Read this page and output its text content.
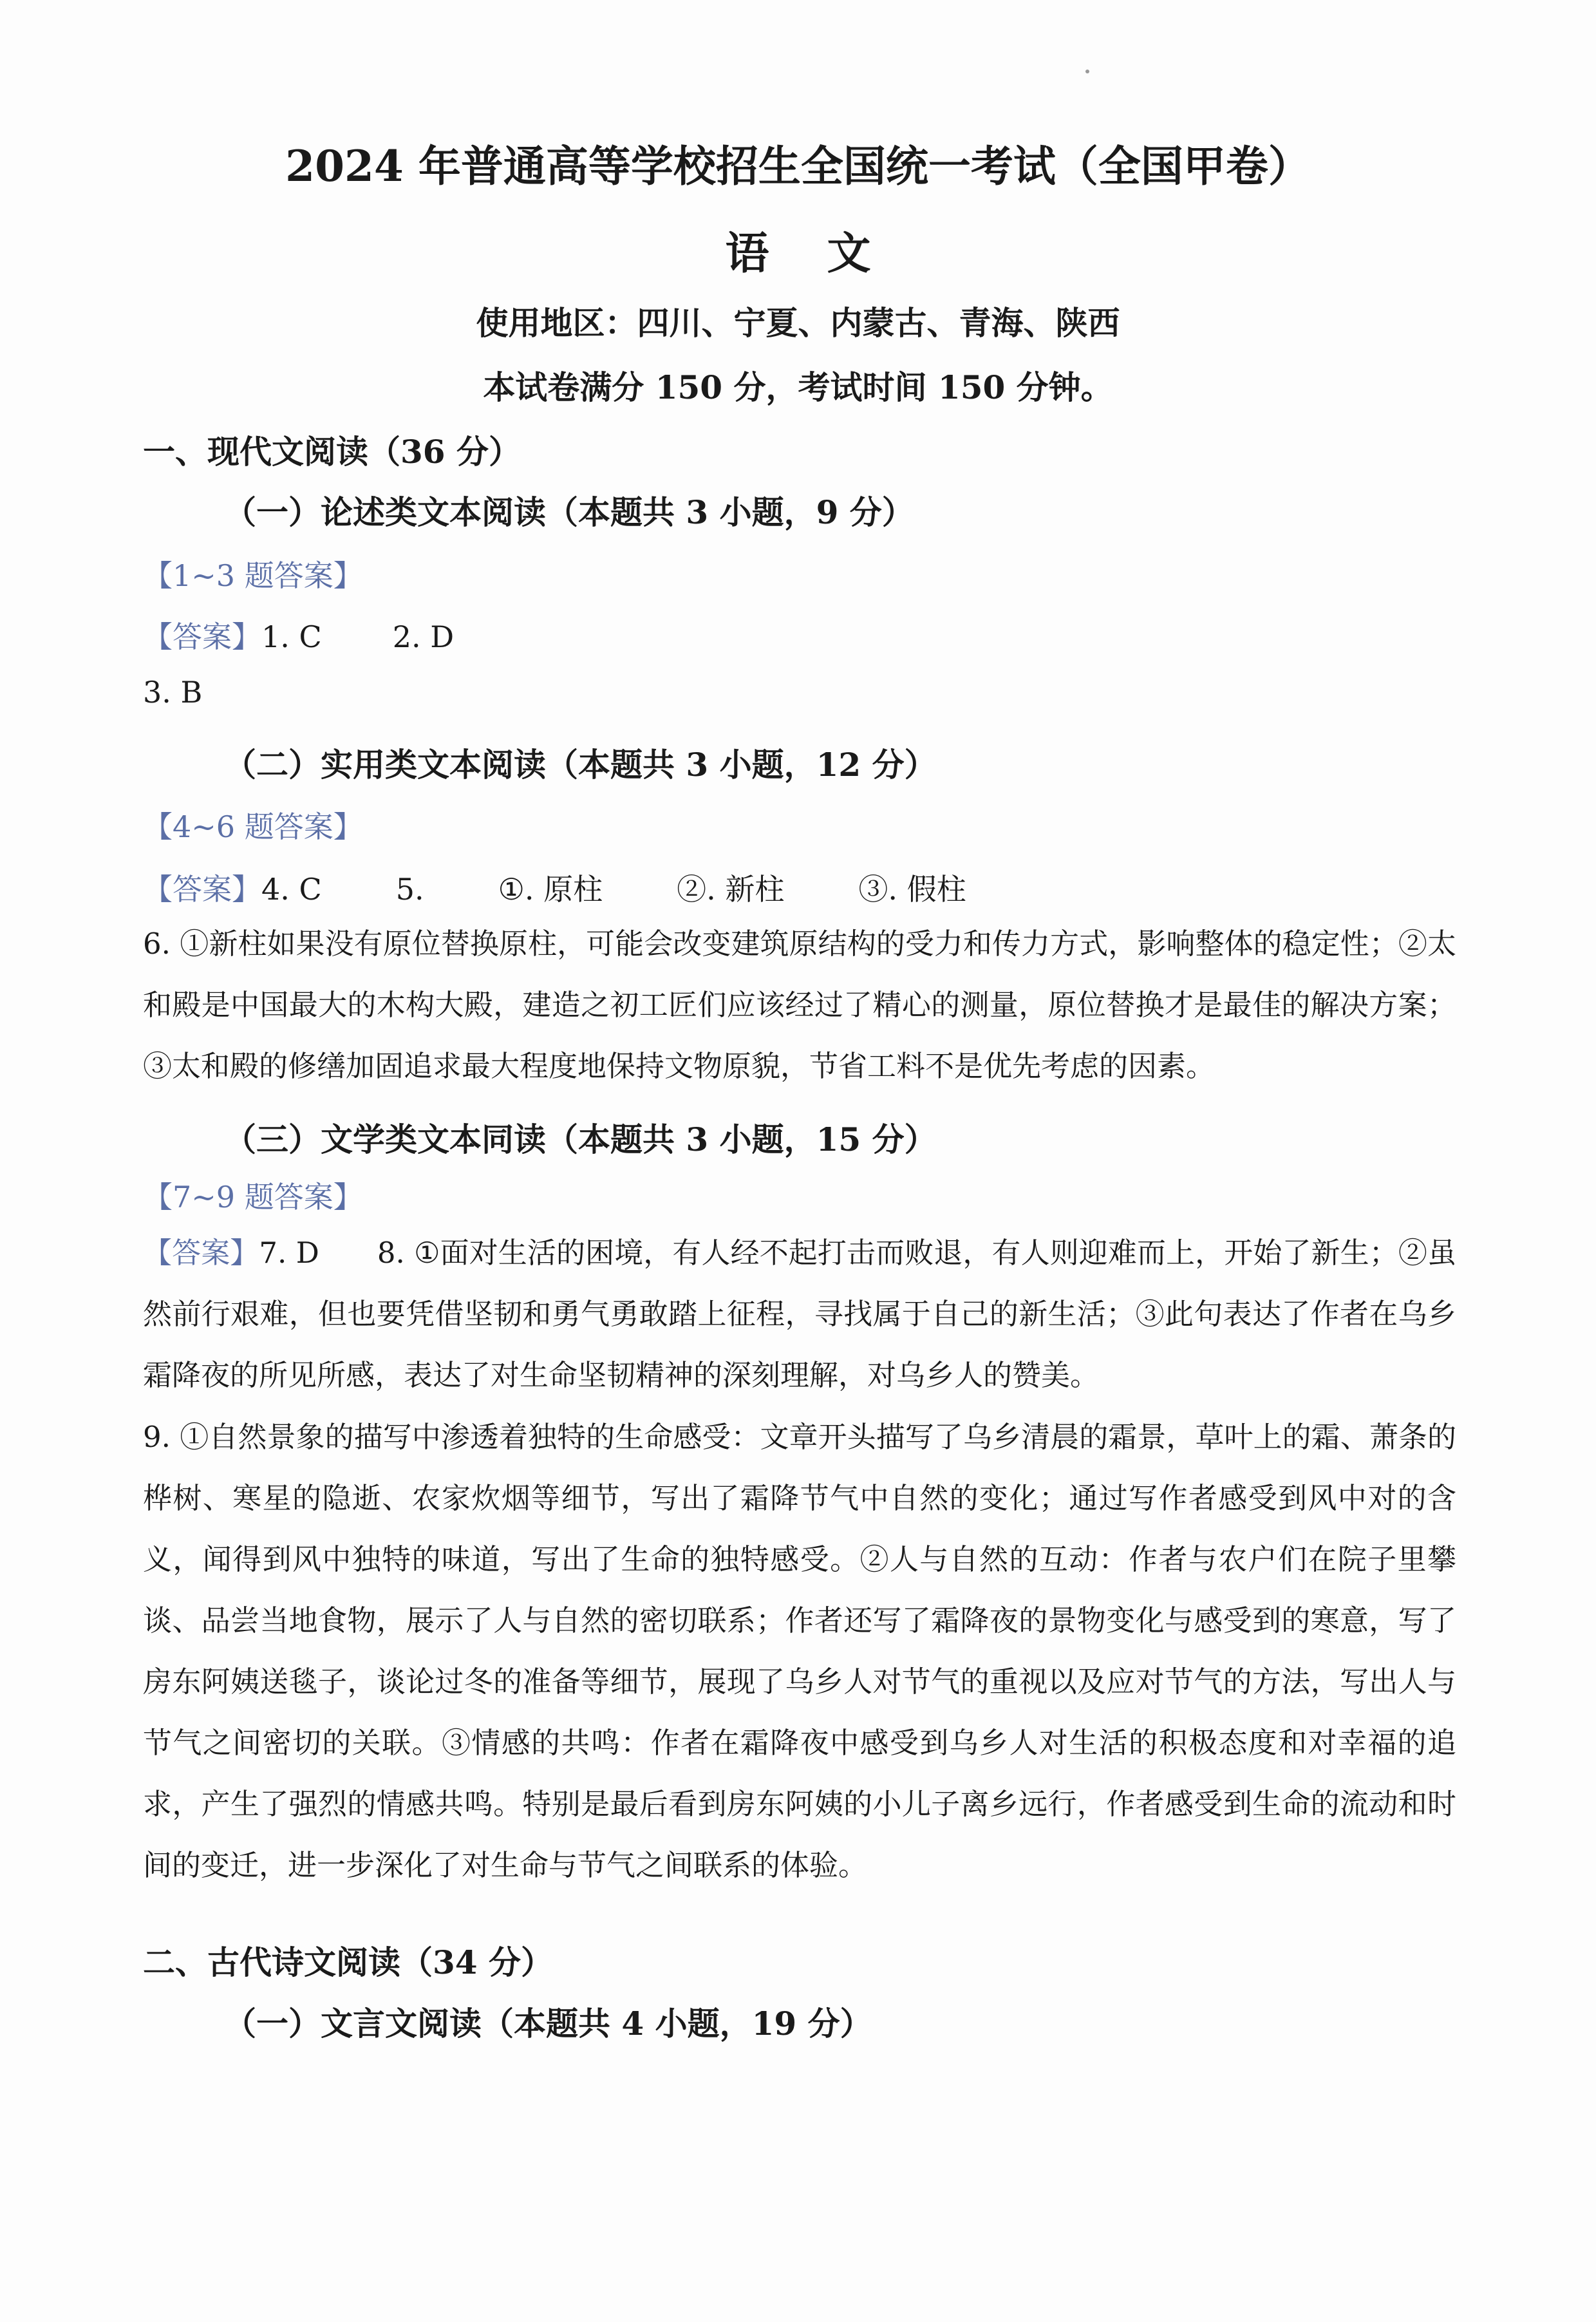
2024 年普通高等学校招生全国统一考试（全国甲卷）
语文
使用地区：四川、宁夏、内蒙古、青海、陕西
本试卷满分 150 分，考试时间 150 分钟。
一、现代文阅读（36 分）
（一）论述类文本阅读（本题共 3 小题，9 分）
【1~3 题答案】
【答案】1. C 2. D
3. B
（二）实用类文本阅读（本题共 3 小题，12 分）
【4~6 题答案】
【答案】4. C	5.	①. 原柱	②. 新柱	③. 假柱
6. ①新柱如果没有原位替换原柱，可能会改变建筑原结构的受力和传力方式，影响整体的稳定性；②太和殿是中国最大的木构大殿，建造之初工匠们应该经过了精心的测量，原位替换才是最佳的解决方案；③太和殿的修缮加固追求最大程度地保持文物原貌，节省工料不是优先考虑的因素。
（三）文学类文本同读（本题共 3 小题，15 分）
【7~9 题答案】
【答案】7. D 8. ①面对生活的困境，有人经不起打击而败退，有人则迎难而上，开始了新生；②虽然前行艰难，但也要凭借坚韧和勇气勇敢踏上征程，寻找属于自己的新生活；③此句表达了作者在乌乡霜降夜的所见所感，表达了对生命坚韧精神的深刻理解，对乌乡人的赞美。
9. ①自然景象的描写中渗透着独特的生命感受：文章开头描写了乌乡清晨的霜景，草叶上的霜、萧条的桦树、寒星的隐逝、农家炊烟等细节，写出了霜降节气中自然的变化；通过写作者感受到风中对的含义，闻得到风中独特的味道，写出了生命的独特感受。②人与自然的互动：作者与农户们在院子里攀谈、品尝当地食物，展示了人与自然的密切联系；作者还写了霜降夜的景物变化与感受到的寒意，写了房东阿姨送毯子，谈论过冬的准备等细节，展现了乌乡人对节气的重视以及应对节气的方法，写出人与节气之间密切的关联。③情感的共鸣：作者在霜降夜中感受到乌乡人对生活的积极态度和对幸福的追求，产生了强烈的情感共鸣。特别是最后看到房东阿姨的小儿子离乡远行，作者感受到生命的流动和时间的变迁，进一步深化了对生命与节气之间联系的体验。
二、古代诗文阅读（34 分）
（一）文言文阅读（本题共 4 小题，19 分）
